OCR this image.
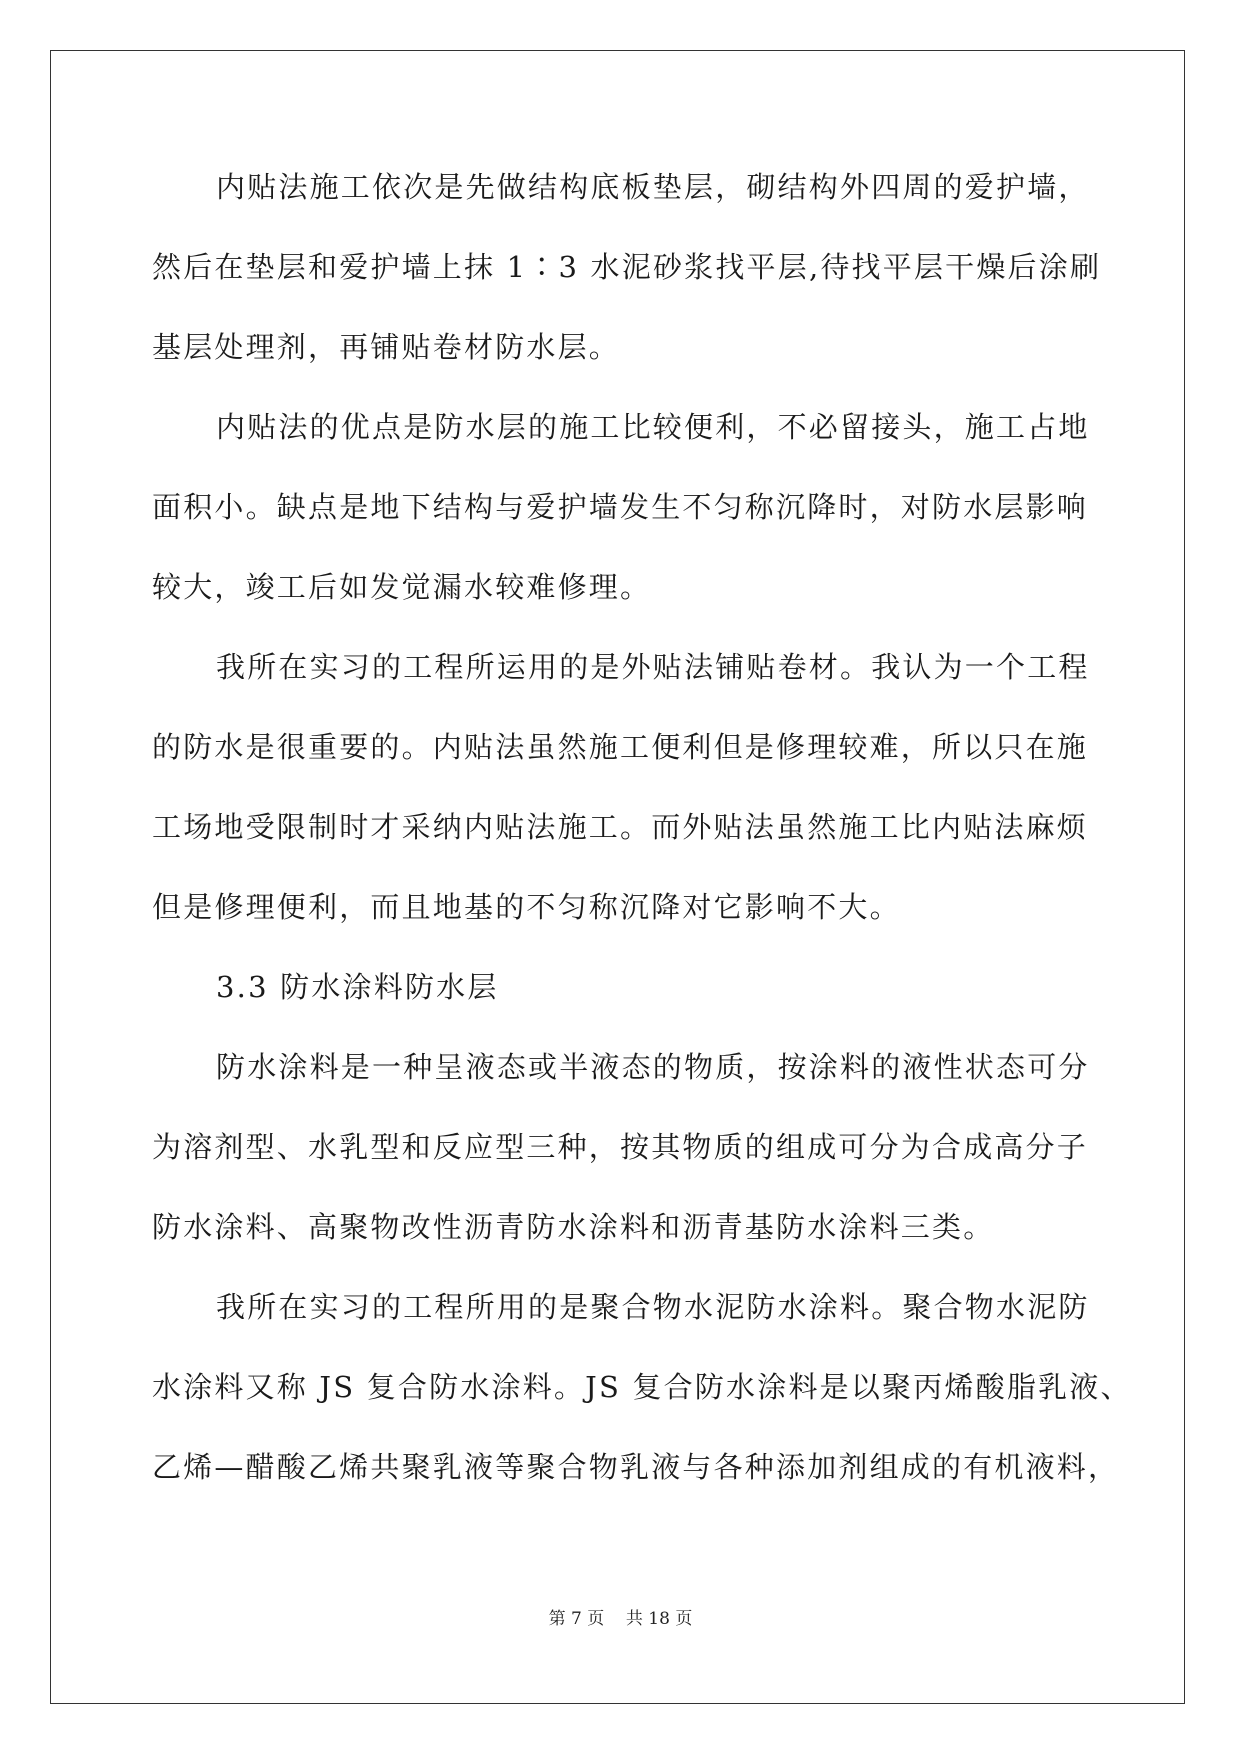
内贴法施工依次是先做结构底板垫层，砌结构外四周的爱护墙，
然后在垫层和爱护墙上抹 1∶3 水泥砂浆找平层,待找平层干燥后涂刷
基层处理剂，再铺贴卷材防水层。
内贴法的优点是防水层的施工比较便利，不必留接头，施工占地
面积小。缺点是地下结构与爱护墙发生不匀称沉降时，对防水层影响
较大，竣工后如发觉漏水较难修理。
我所在实习的工程所运用的是外贴法铺贴卷材。我认为一个工程
的防水是很重要的。内贴法虽然施工便利但是修理较难，所以只在施
工场地受限制时才采纳内贴法施工。而外贴法虽然施工比内贴法麻烦
但是修理便利，而且地基的不匀称沉降对它影响不大。
3.3 防水涂料防水层
防水涂料是一种呈液态或半液态的物质，按涂料的液性状态可分
为溶剂型、水乳型和反应型三种，按其物质的组成可分为合成高分子
防水涂料、高聚物改性沥青防水涂料和沥青基防水涂料三类。
我所在实习的工程所用的是聚合物水泥防水涂料。聚合物水泥防
水涂料又称 JS 复合防水涂料。JS 复合防水涂料是以聚丙烯酸脂乳液、
乙烯—醋酸乙烯共聚乳液等聚合物乳液与各种添加剂组成的有机液料，
第 7 页    共 18 页
